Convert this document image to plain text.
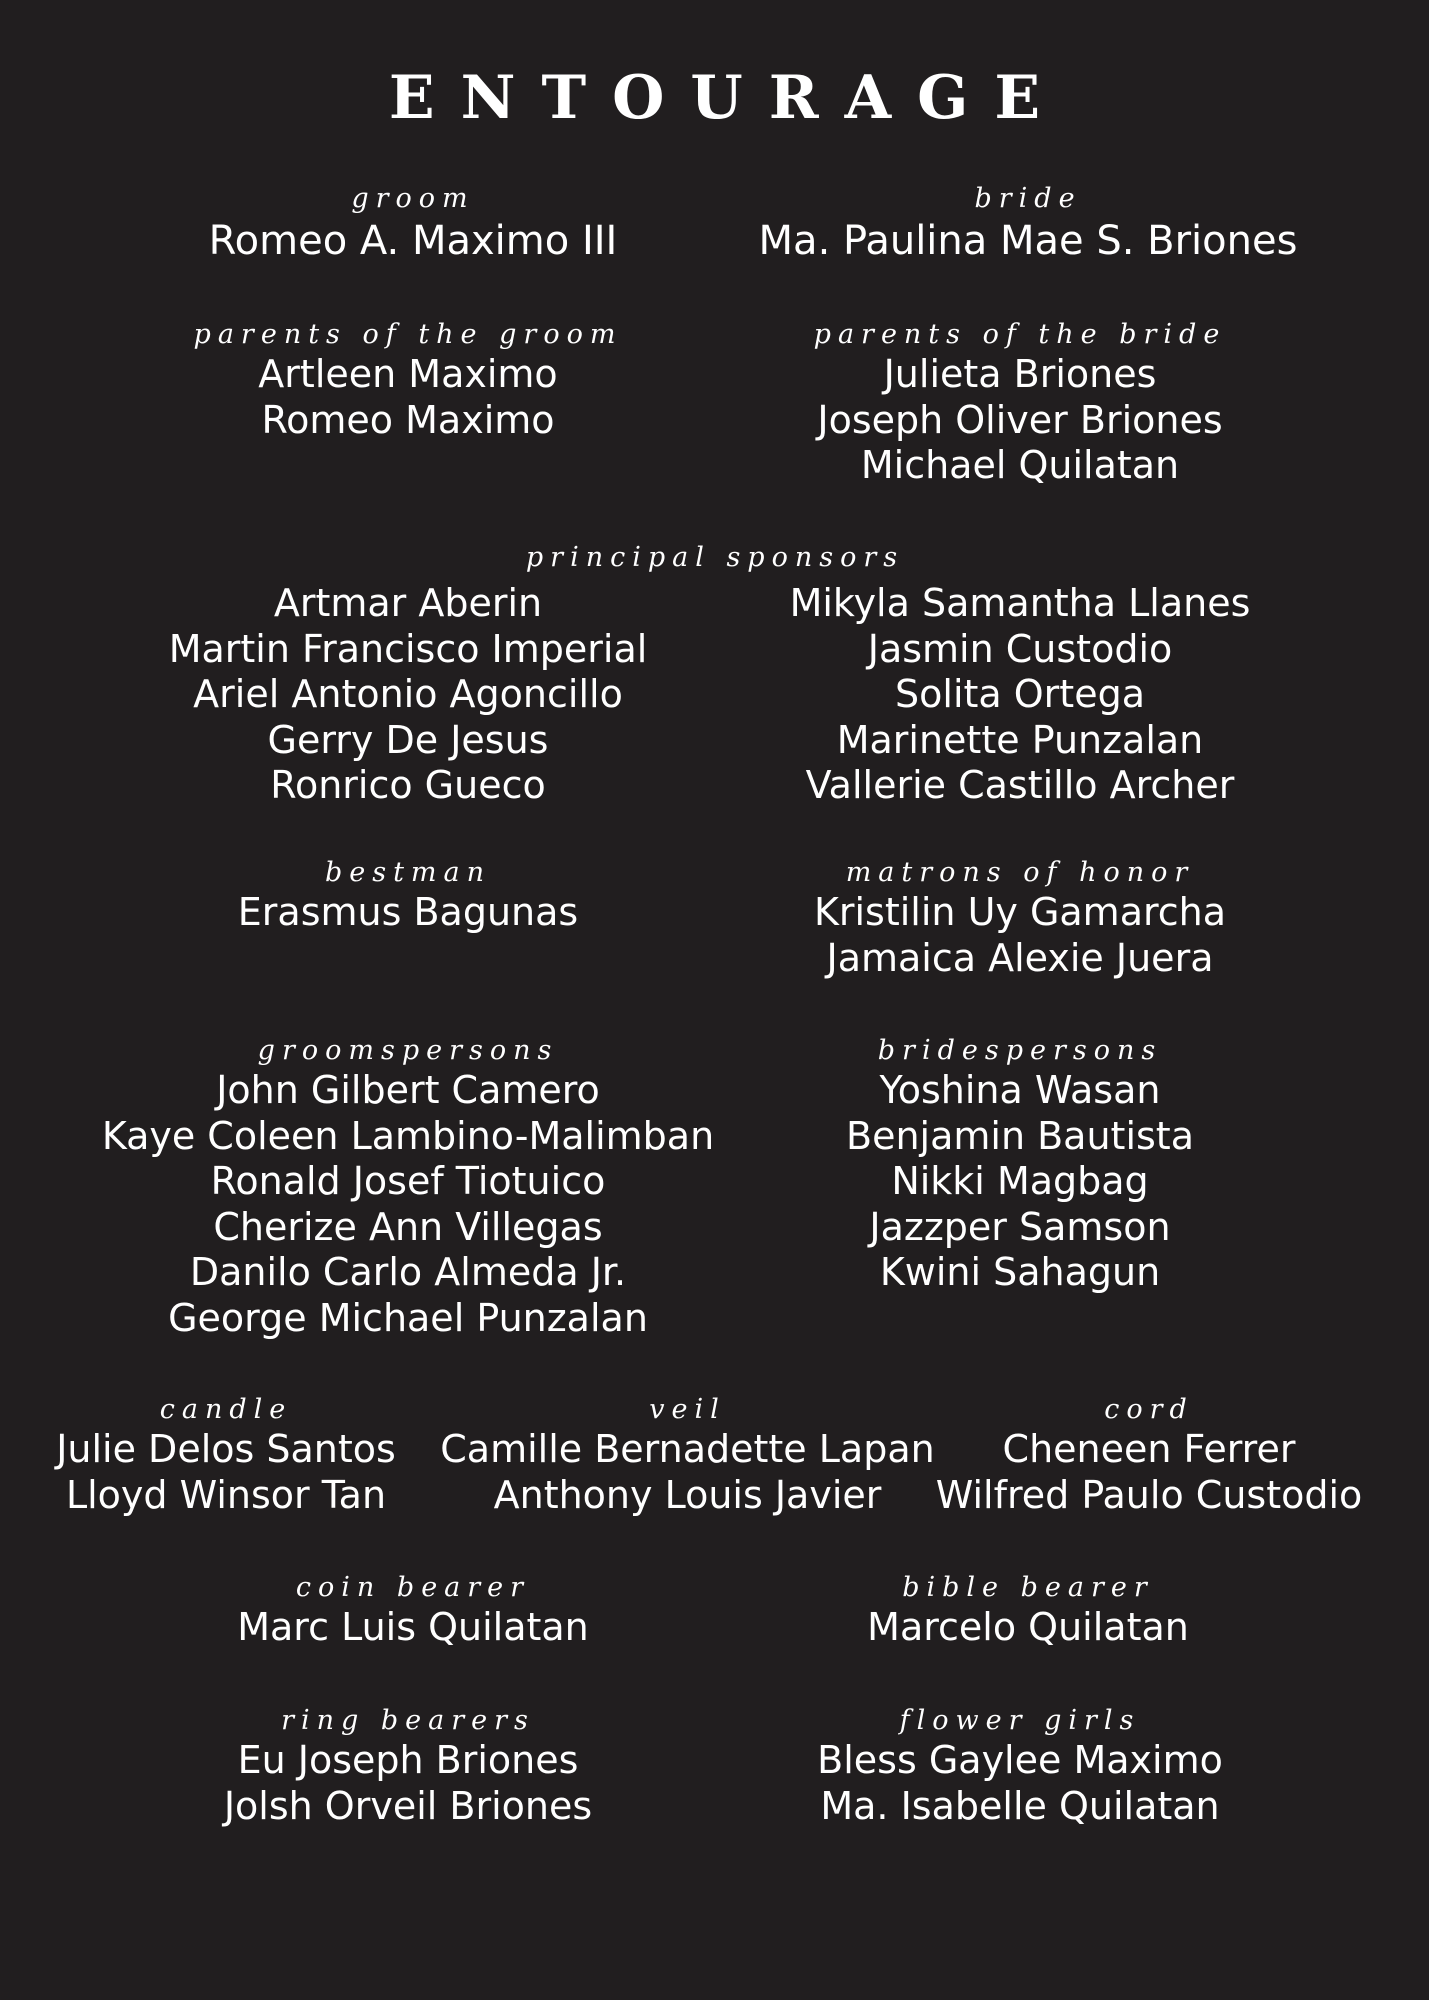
ENTOURAGE
groom
Romeo A. Maximo III
bride
Ma. Paulina Mae S. Briones
parents of the groom
Artleen Maximo
Romeo Maximo
parents of the bride
Julieta Briones
Joseph Oliver Briones
Michael Quilatan
principal sponsors
Artmar Aberin
Martin Francisco Imperial
Ariel Antonio Agoncillo
Gerry De Jesus
Ronrico Gueco
Mikyla Samantha Llanes
Jasmin Custodio
Solita Ortega
Marinette Punzalan
Vallerie Castillo Archer
bestman
Erasmus Bagunas
matrons of honor
Kristilin Uy Gamarcha
Jamaica Alexie Juera
groomspersons
John Gilbert Camero
Kaye Coleen Lambino-Malimban
Ronald Josef Tiotuico
Cherize Ann Villegas
Danilo Carlo Almeda Jr.
George Michael Punzalan
bridespersons
Yoshina Wasan
Benjamin Bautista
Nikki Magbag
Jazzper Samson
Kwini Sahagun
candle
Julie Delos Santos
Lloyd Winsor Tan
veil
Camille Bernadette Lapan
Anthony Louis Javier
cord
Cheneen Ferrer
Wilfred Paulo Custodio
coin bearer
Marc Luis Quilatan
bible bearer
Marcelo Quilatan
ring bearers
Eu Joseph Briones
Jolsh Orveil Briones
flower girls
Bless Gaylee Maximo
Ma. Isabelle Quilatan
